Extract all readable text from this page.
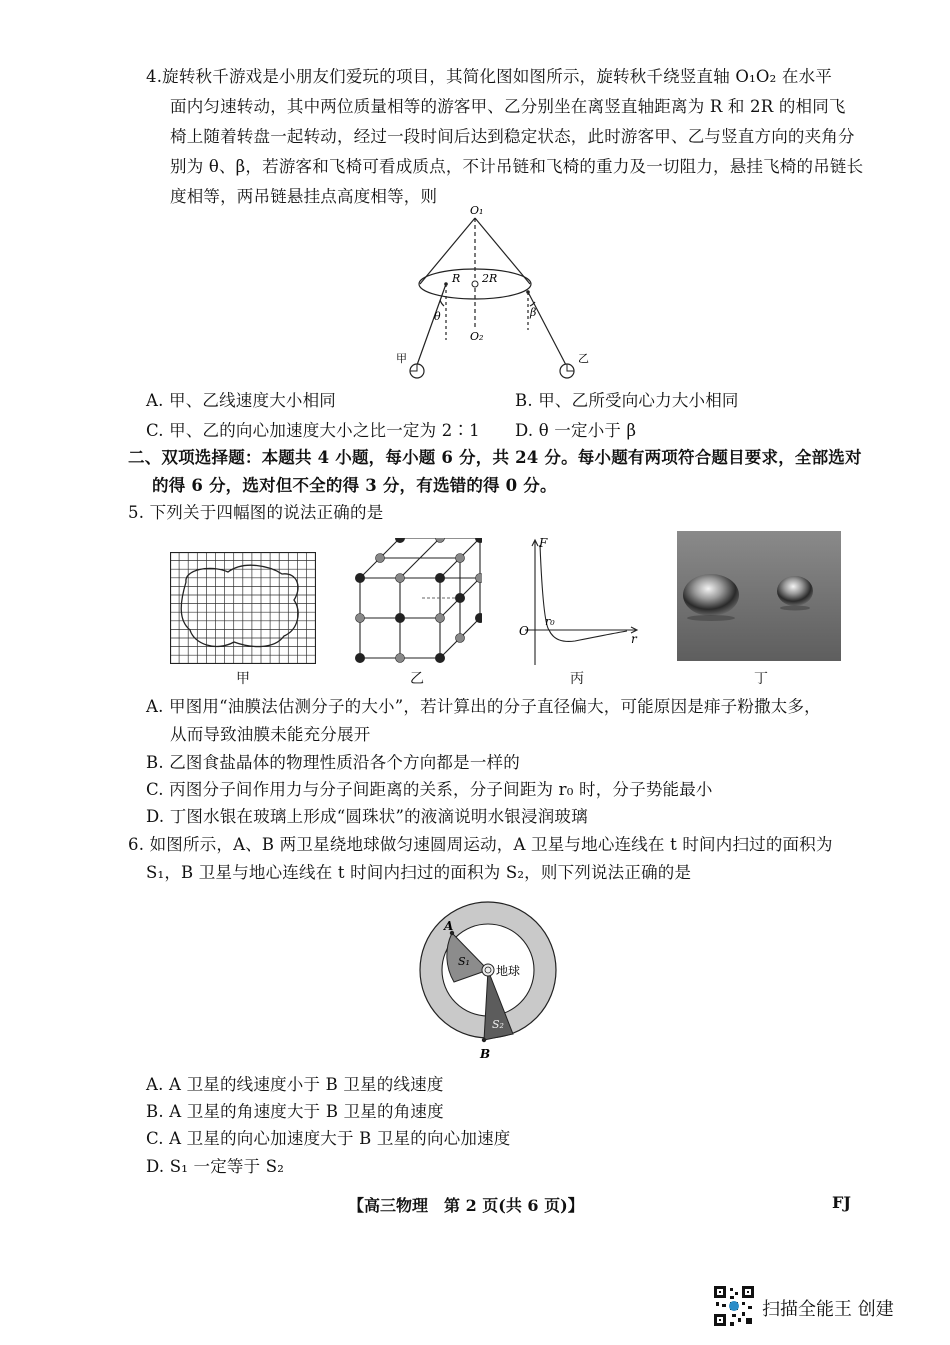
4.旋转秋千游戏是小朋友们爱玩的项目，其简化图如图所示，旋转秋千绕竖直轴 O₁O₂ 在水平
面内匀速转动，其中两位质量相等的游客甲、乙分别坐在离竖直轴距离为 R 和 2R 的相同飞
椅上随着转盘一起转动，经过一段时间后达到稳定状态，此时游客甲、乙与竖直方向的夹角分
别为 θ、β，若游客和飞椅可看成质点，不计吊链和飞椅的重力及一切阻力，悬挂飞椅的吊链长
度相等，两吊链悬挂点高度相等，则
O₁
O₂
R 2R
θ	β
甲	乙
A. 甲、乙线速度大小相同	B. 甲、乙所受向心力大小相同
C. 甲、乙的向心加速度大小之比一定为 2∶1 D. θ 一定小于 β
二、双项选择题：本题共 4 小题，每小题 6 分，共 24 分。每小题有两项符合题目要求，全部选对
的得 6 分，选对但不全的得 3 分，有选错的得 0 分。
5. 下列关于四幅图的说法正确的是
甲	乙
F
O
r₀
r
丙	丁
A. 甲图用“油膜法估测分子的大小”，若计算出的分子直径偏大，可能原因是痱子粉撒太多，
从而导致油膜未能充分展开
B. 乙图食盐晶体的物理性质沿各个方向都是一样的
C. 丙图分子间作用力与分子间距离的关系，分子间距为 r₀ 时，分子势能最小
D. 丁图水银在玻璃上形成“圆珠状”的液滴说明水银浸润玻璃
6. 如图所示，A、B 两卫星绕地球做匀速圆周运动，A 卫星与地心连线在 t 时间内扫过的面积为
S₁，B 卫星与地心连线在 t 时间内扫过的面积为 S₂，则下列说法正确的是
A
B
S₁
S₂
地球
A. A 卫星的线速度小于 B 卫星的线速度
B. A 卫星的角速度大于 B 卫星的角速度
C. A 卫星的向心加速度大于 B 卫星的向心加速度
D. S₁ 一定等于 S₂
【高三物理　第 2 页(共 6 页)】	FJ
扫描全能王 创建
